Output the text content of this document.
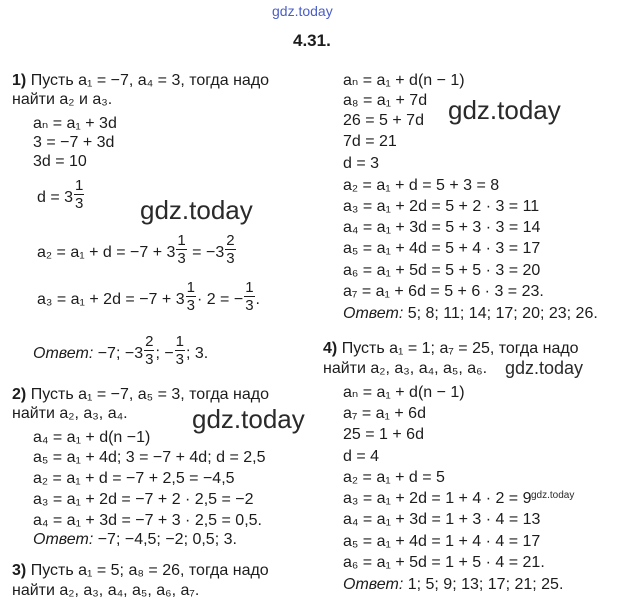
gdz.today
gdz.today
gdz.today
gdz.today
gdz.today
gdz.today
4.31.
1) Пусть a₁ = −7, a₄ = 3, тогда надо
найти a₂ и a₃.
aₙ = a₁ + 3d
3 = −7 + 3d
3d = 10
$d = 3 \frac{1}{3}$
$a_2 = a_1 + d = -7 + 3 \frac{1}{3} = -3 \frac{2}{3}$
$a_3 = a_1 + 2d = -7 + 3 \frac{1}{3} \cdot 2$ = − $\frac{1}{3}$ .
Ответ: −7; $-3 \frac{2}{3}$ ; − $\frac{1}{3}$ ; 3.
2) Пусть a₁ = −7, a₅ = 3, тогда надо
найти a₂, a₃, a₄.
a₄ = a₁ + d(n −1)
a₅ = a₁ + 4d; 3 = −7 + 4d; d = 2,5
a₂ = a₁ + d = −7 + 2,5 = −4,5
a₃ = a₁ + 2d = −7 + 2 · 2,5 = −2
a₄ = a₁ + 3d = −7 + 3 · 2,5 = 0,5.
Ответ: −7; −4,5; −2; 0,5; 3.
3) Пусть a₁ = 5; a₈ = 26, тогда надо
найти a₂, a₃, a₄, a₅, a₆, a₇.
aₙ = a₁ + d(n − 1)
a₈ = a₁ + 7d
26 = 5 + 7d
7d = 21
d = 3
a₂ = a₁ + d = 5 + 3 = 8
a₃ = a₁ + 2d = 5 + 2 · 3 = 11
a₄ = a₁ + 3d = 5 + 3 · 3 = 14
a₅ = a₁ + 4d = 5 + 4 · 3 = 17
a₆ = a₁ + 5d = 5 + 5 · 3 = 20
a₇ = a₁ + 6d = 5 + 6 · 3 = 23.
Ответ: 5; 8; 11; 14; 17; 20; 23; 26.
4) Пусть a₁ = 1; a₇ = 25, тогда надо
найти a₂, a₃, a₄, a₅, a₆.
aₙ = a₁ + d(n − 1)
a₇ = a₁ + 6d
25 = 1 + 6d
d = 4
a₂ = a₁ + d = 5
a₃ = a₁ + 2d = 1 + 4 · 2 = 9
a₄ = a₁ + 3d = 1 + 3 · 4 = 13
a₅ = a₁ + 4d = 1 + 4 · 4 = 17
a₆ = a₁ + 5d = 1 + 5 · 4 = 21.
Ответ: 1; 5; 9; 13; 17; 21; 25.
